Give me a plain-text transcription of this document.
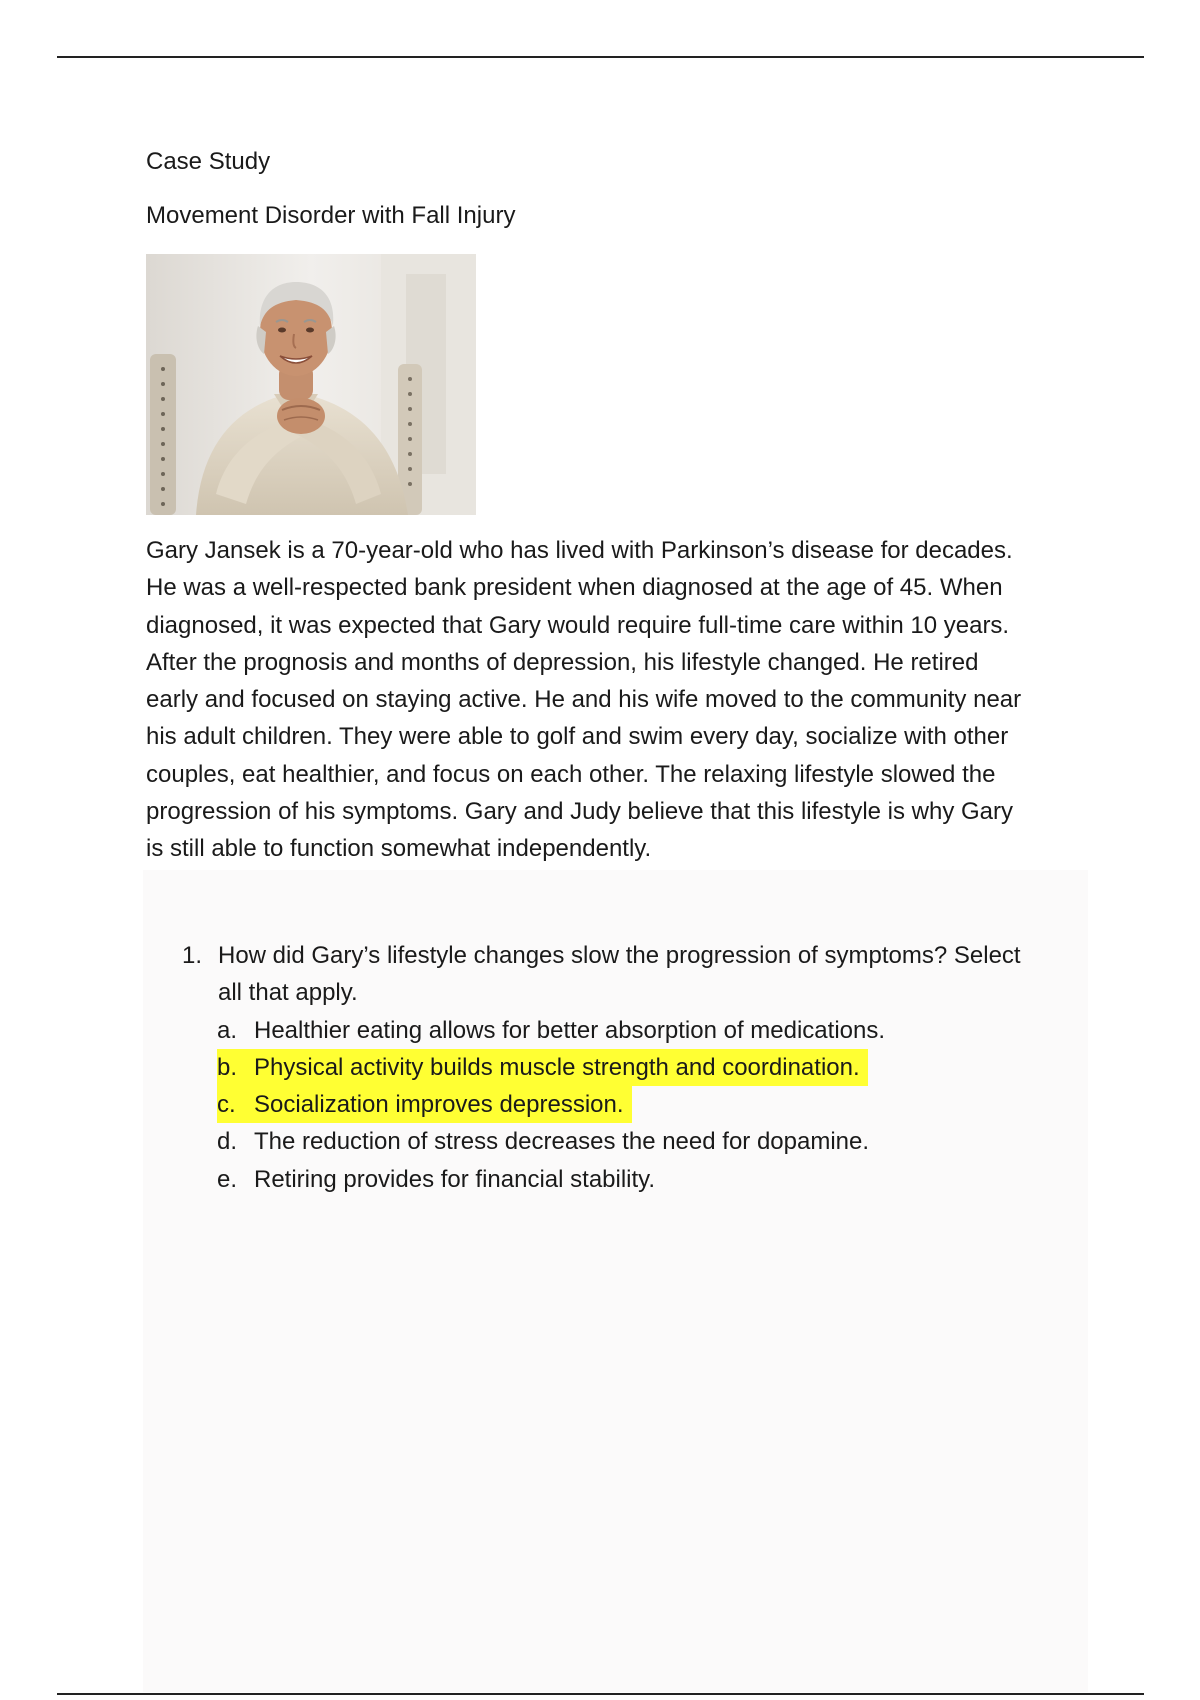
Case Study
Movement Disorder with Fall Injury
Gary Jansek is a 70-year-old who has lived with Parkinson’s disease for decades.
He was a well-respected bank president when diagnosed at the age of 45. When
diagnosed, it was expected that Gary would require full-time care within 10 years.
After the prognosis and months of depression, his lifestyle changed. He retired
early and focused on staying active. He and his wife moved to the community near
his adult children. They were able to golf and swim every day, socialize with other
couples, eat healthier, and focus on each other. The relaxing lifestyle slowed the
progression of his symptoms. Gary and Judy believe that this lifestyle is why Gary
is still able to function somewhat independently.
1. How did Gary’s lifestyle changes slow the progression of symptoms? Select
all that apply.
a. Healthier eating allows for better absorption of medications.
b. Physical activity builds muscle strength and coordination.
c. Socialization improves depression.
d. The reduction of stress decreases the need for dopamine.
e. Retiring provides for financial stability.
